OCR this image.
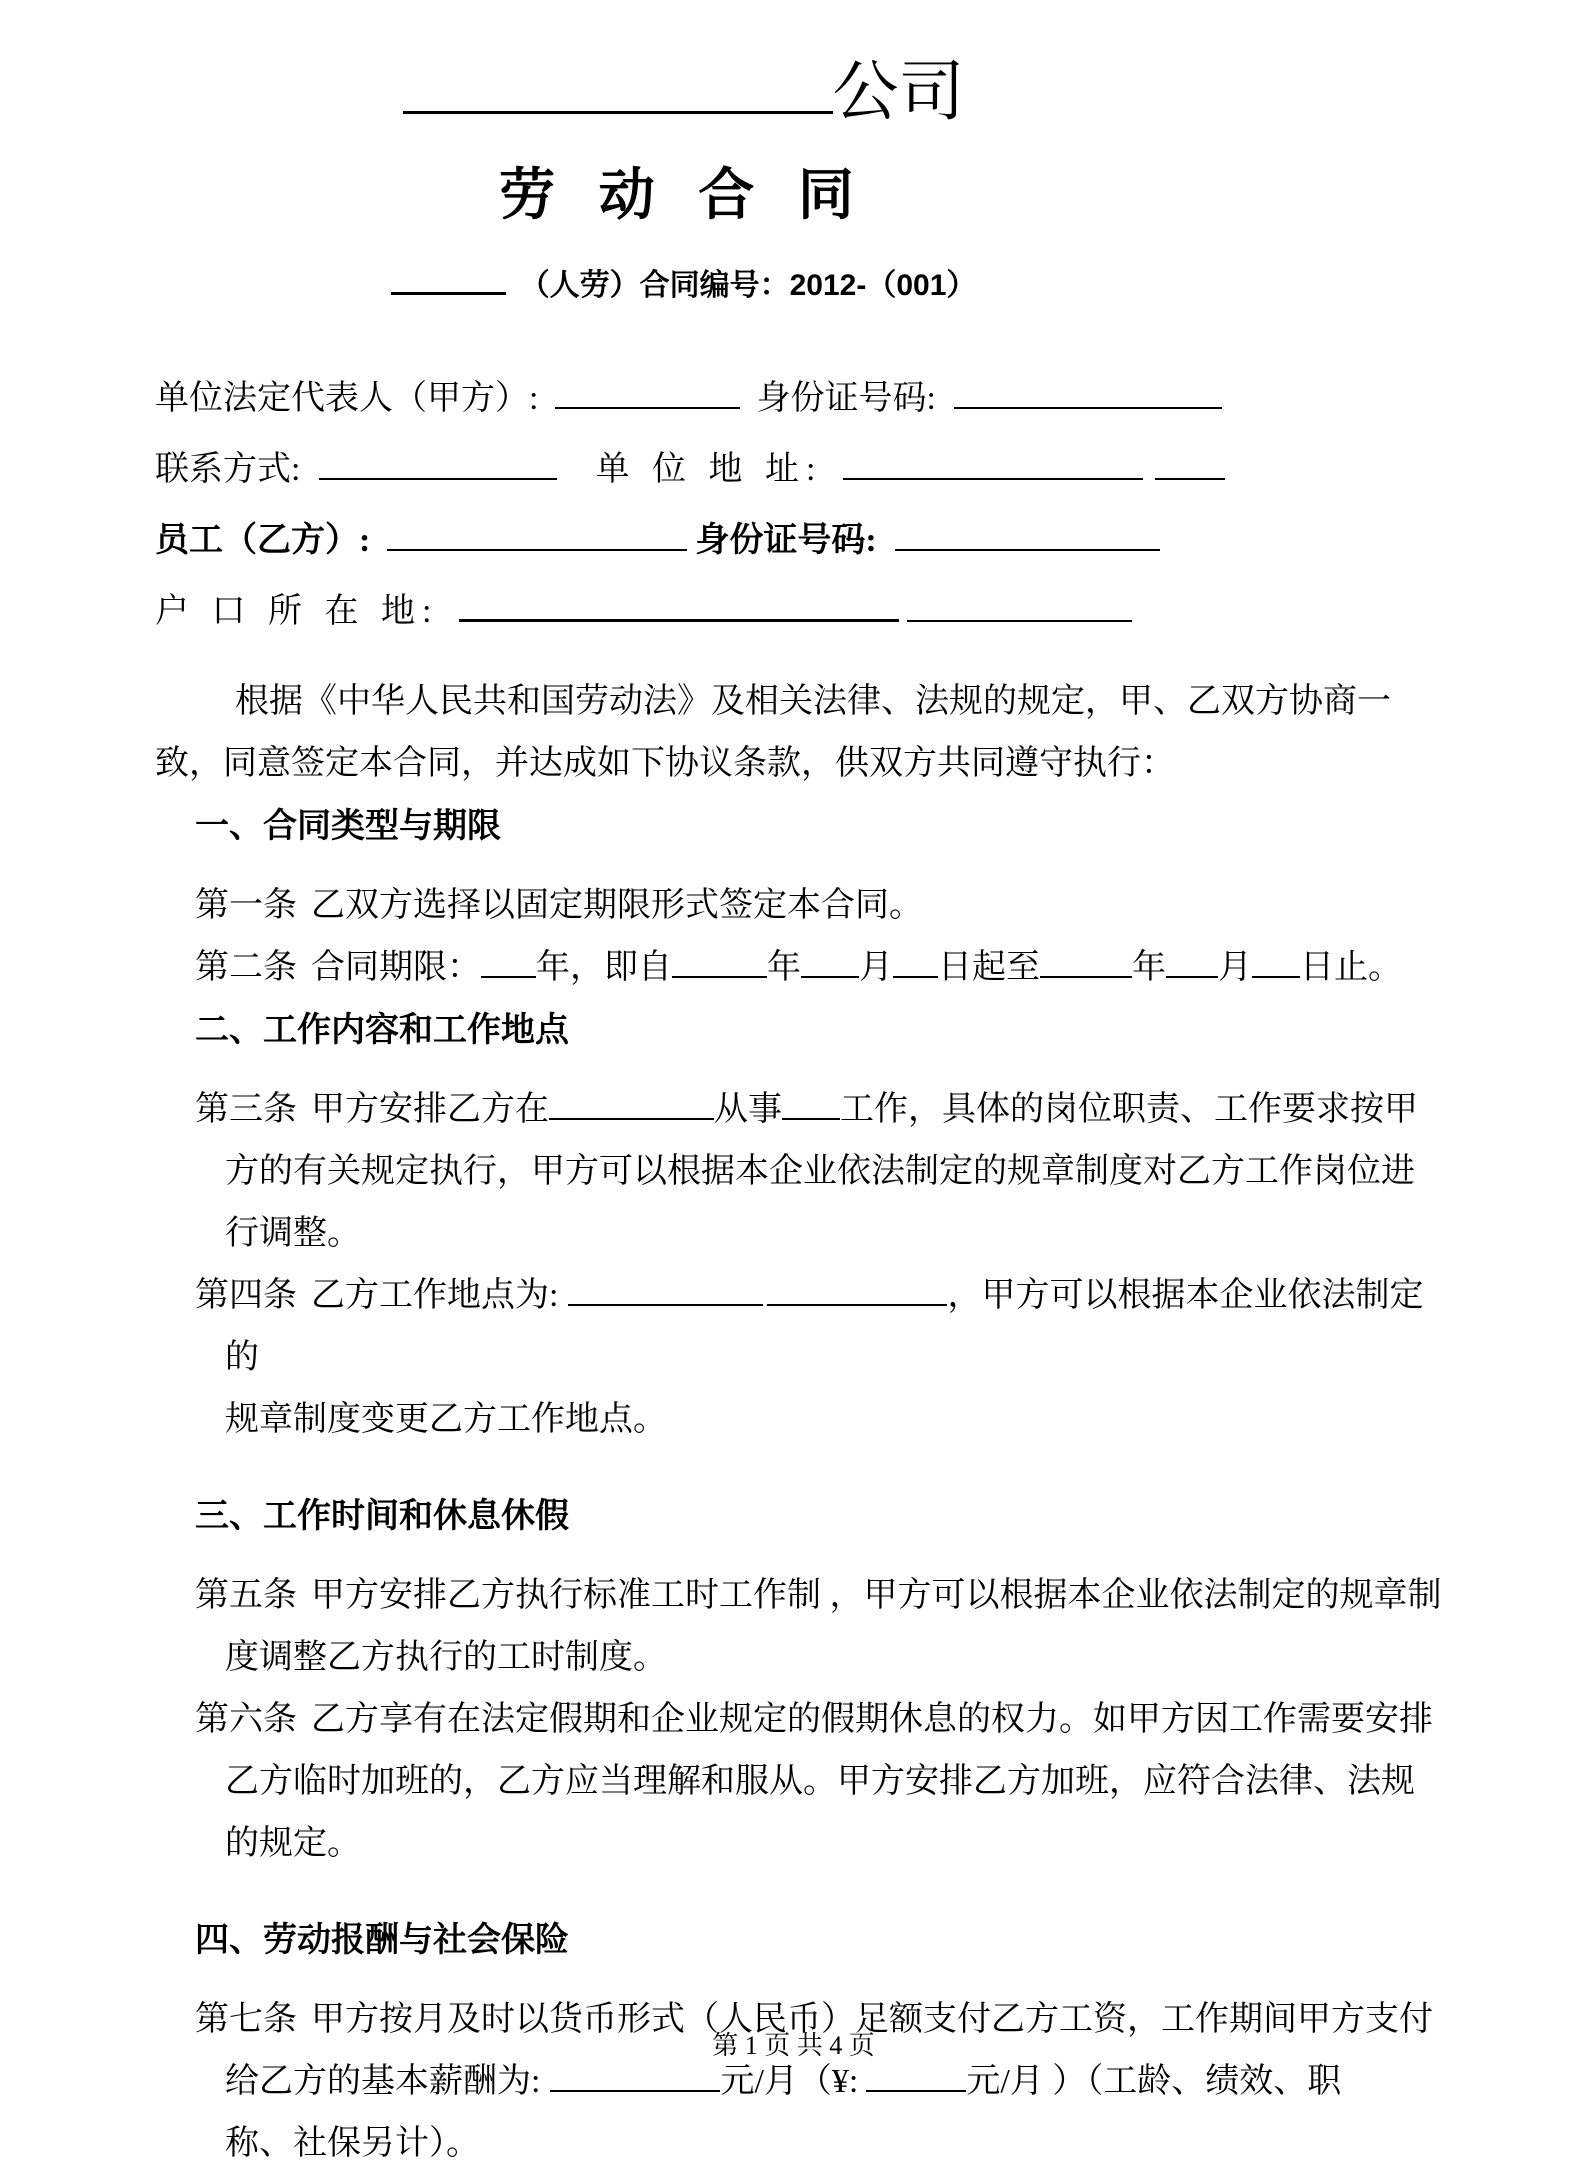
公司
劳 动 合 同
（人劳）合同编号：2012-（001）
单位法定代表人（甲方）:	身份证号码:
联系方式:	单 位 地 址:
员工（乙方）:	身份证号码:
户 口 所 在 地:
根据《中华人民共和国劳动法》及相关法律、法规的规定，甲、乙双方协商一
致，同意签定本合同，并达成如下协议条款，供双方共同遵守执行：
一、合同类型与期限
第一条 乙双方选择以固定期限形式签定本合同。
第二条 合同期限： 年，即自	年 月 日起至	年 月 日止。
二、工作内容和工作地点
第三条 甲方安排乙方在	从事 工作，具体的岗位职责、工作要求按甲
方的有关规定执行，甲方可以根据本企业依法制定的规章制度对乙方工作岗位进
行调整。
第四条 乙方工作地点为:	，甲方可以根据本企业依法制定的
规章制度变更乙方工作地点。
三、工作时间和休息休假
第五条 甲方安排乙方执行标准工时工作制 ，甲方可以根据本企业依法制定的规章制
度调整乙方执行的工时制度。
第六条 乙方享有在法定假期和企业规定的假期休息的权力。如甲方因工作需要安排
乙方临时加班的，乙方应当理解和服从。甲方安排乙方加班，应符合法律、法规
的规定。
四、劳动报酬与社会保险
第七条 甲方按月及时以货币形式（人民币）足额支付乙方工资，工作期间甲方支付
给乙方的基本薪酬为:	元/月（¥:	元/月 ）（工龄、绩效、职
称、社保另计）。
第 1 页 共 4 页
